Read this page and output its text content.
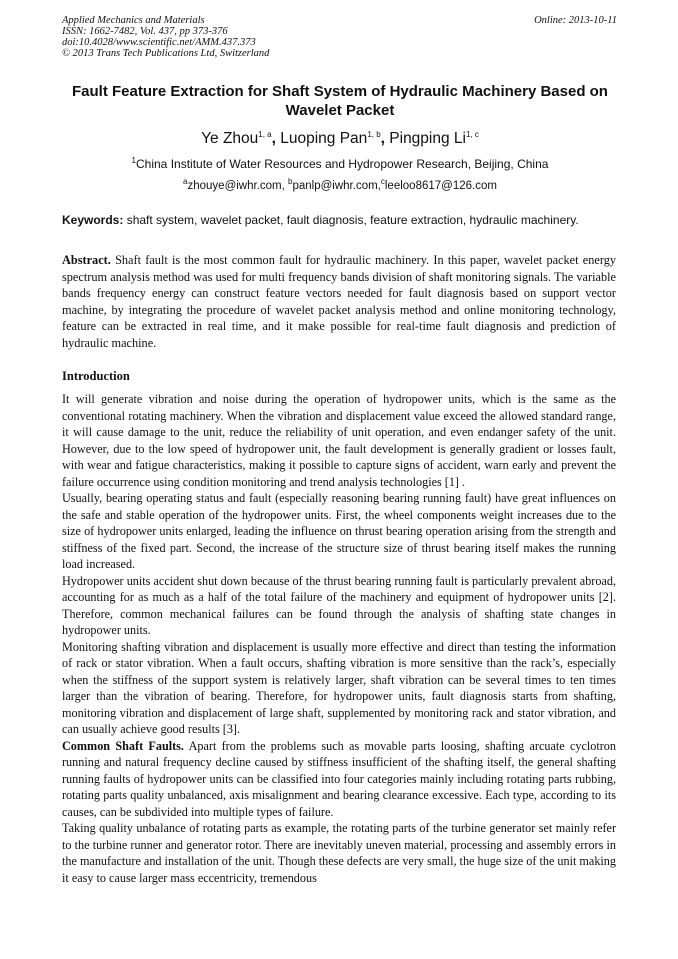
Applied Mechanics and Materials
ISSN: 1662-7482, Vol. 437, pp 373-376
doi:10.4028/www.scientific.net/AMM.437.373
© 2013 Trans Tech Publications Ltd, Switzerland
Online: 2013-10-11
Fault Feature Extraction for Shaft System of Hydraulic Machinery Based on Wavelet Packet
Ye Zhou$^{1, a}$, Luoping Pan$^{1, b}$, Pingping Li$^{1, c}$
$^1$China Institute of Water Resources and Hydropower Research, Beijing, China
$^a$zhouye@iwhr.com, $^b$panlp@iwhr.com,$^c$leeloo8617@126.com
Keywords: shaft system, wavelet packet, fault diagnosis, feature extraction, hydraulic machinery.
Abstract. Shaft fault is the most common fault for hydraulic machinery. In this paper, wavelet packet energy spectrum analysis method was used for multi frequency bands division of shaft monitoring signals. The variable bands frequency energy can construct feature vectors needed for fault diagnosis based on support vector machine, by integrating the procedure of wavelet packet analysis method and online monitoring technology, feature can be extracted in real time, and it make possible for real-time fault diagnosis and prediction of hydraulic machine.
Introduction

It will generate vibration and noise during the operation of hydropower units, which is the same as the conventional rotating machinery. When the vibration and displacement value exceed the allowed standard range, it will cause damage to the unit, reduce the reliability of unit operation, and even endanger safety of the unit. However, due to the low speed of hydropower unit, the fault development is generally gradient or losses fault, with wear and fatigue characteristics, making it possible to capture signs of accident, warn early and prevent the failure occurrence using condition monitoring and trend analysis technologies [1] .

Usually, bearing operating status and fault (especially reasoning bearing running fault) have great influences on the safe and stable operation of the hydropower units. First, the wheel components weight increases due to the size of hydropower units enlarged, leading the influence on thrust bearing operation arising from the strength and stiffness of the fixed part. Second, the increase of the structure size of thrust bearing itself makes the running load increased.

Hydropower units accident shut down because of the thrust bearing running fault is particularly prevalent abroad, accounting for as much as a half of the total failure of the machinery and equipment of hydropower units [2]. Therefore, common mechanical failures can be found through the analysis of shafting state changes in hydropower units.

Monitoring shafting vibration and displacement is usually more effective and direct than testing the information of rack or stator vibration. When a fault occurs, shafting vibration is more sensitive than the rack’s, especially when the stiffness of the support system is relatively larger, shaft vibration can be several times to ten times larger than the vibration of bearing. Therefore, for hydropower units, fault diagnosis starts from shafting, monitoring vibration and displacement of large shaft, supplemented by monitoring rack and stator vibration, and can usually achieve good results [3].

Common Shaft Faults. Apart from the problems such as movable parts loosing, shafting arcuate cyclotron running and natural frequency decline caused by stiffness insufficient of the shafting itself, the general shafting running faults of hydropower units can be classified into four categories mainly including rotating parts rubbing, rotating parts quality unbalanced, axis misalignment and bearing clearance excessive. Each type, according to its causes, can be subdivided into multiple types of failure.

Taking quality unbalance of rotating parts as example, the rotating parts of the turbine generator set mainly refer to the turbine runner and generator rotor. There are inevitably uneven material, processing and assembly errors in the manufacture and installation of the unit. Though these defects are very small, the huge size of the unit making it easy to cause larger mass eccentricity, tremendous
